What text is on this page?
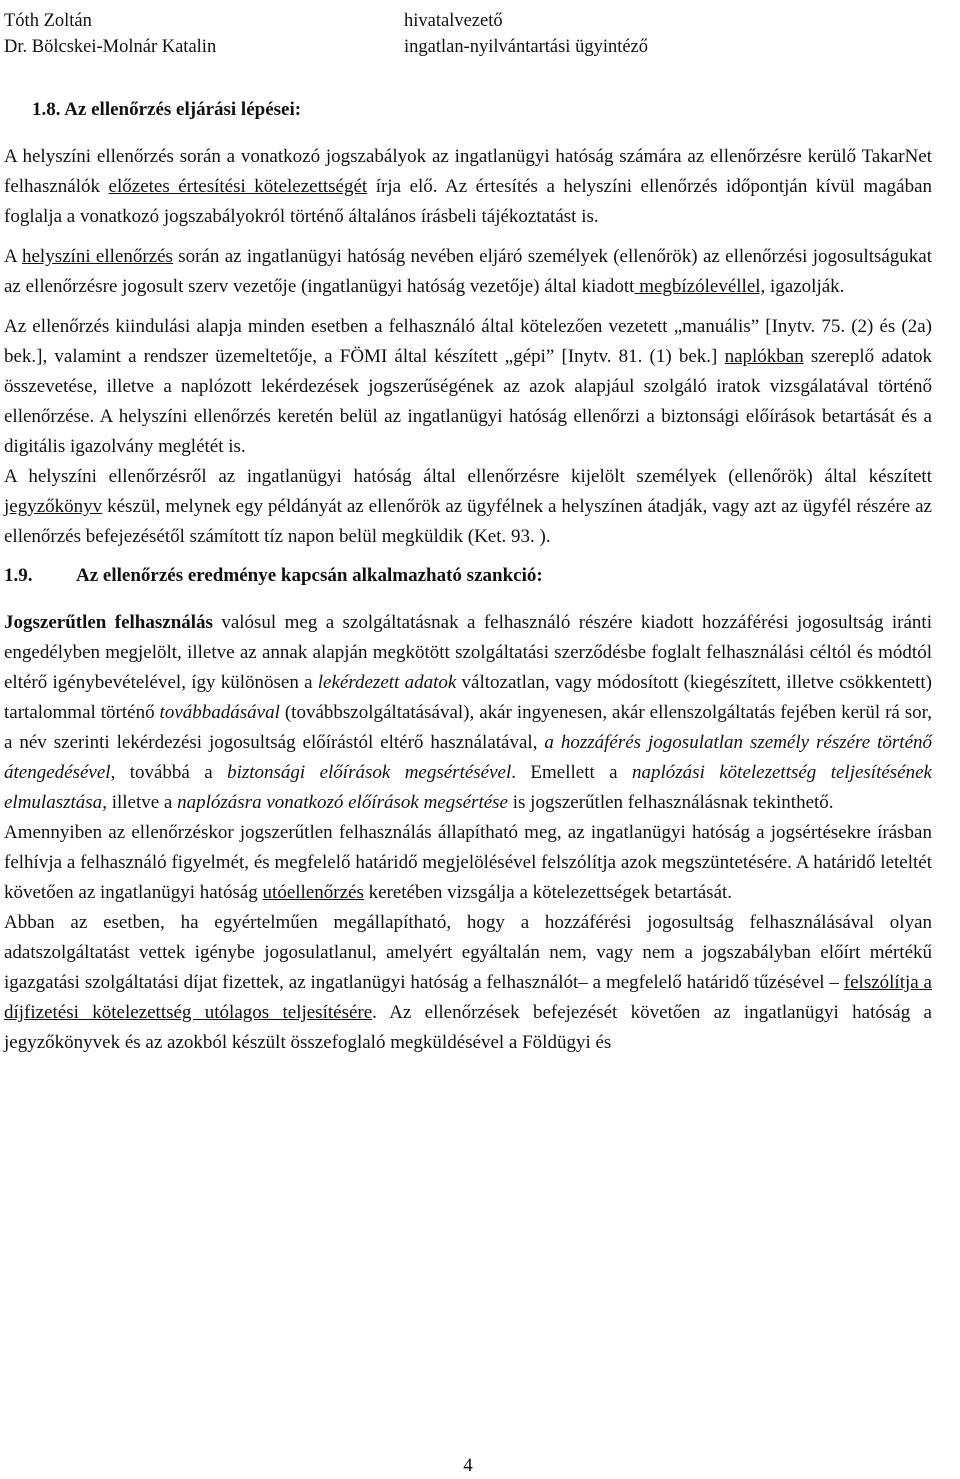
Tóth Zoltán	hivatalvezető
Dr. Bölcskei-Molnár Katalin	ingatlan-nyilvántartási ügyintéző
1.8. Az ellenőrzés eljárási lépései:

A helyszíni ellenőrzés során a vonatkozó jogszabályok az ingatlanügyi hatóság számára az ellenőrzésre kerülő TakarNet felhasználók előzetes értesítési kötelezettségét írja elő. Az értesítés a helyszíni ellenőrzés időpontján kívül magában foglalja a vonatkozó jogszabályokról történő általános írásbeli tájékoztatást is.

A helyszíni ellenőrzés során az ingatlanügyi hatóság nevében eljáró személyek (ellenőrök) az ellenőrzési jogosultságukat az ellenőrzésre jogosult szerv vezetője (ingatlanügyi hatóság vezetője) által kiadott megbízólevéllel, igazolják.

Az ellenőrzés kiindulási alapja minden esetben a felhasználó által kötelezően vezetett „manuális” [Inytv. 75. (2) és (2a) bek.], valamint a rendszer üzemeltetője, a FÖMI által készített „gépi” [Inytv. 81. (1) bek.] naplókban szereplő adatok összevetése, illetve a naplózott lekérdezések jogszerűségének az azok alapjául szolgáló iratok vizsgálatával történő ellenőrzése. A helyszíni ellenőrzés keretén belül az ingatlanügyi hatóság ellenőrzi a biztonsági előírások betartását és a digitális igazolvány meglétét is.

A helyszíni ellenőrzésről az ingatlanügyi hatóság által ellenőrzésre kijelölt személyek (ellenőrök) által készített jegyzőkönyv készül, melynek egy példányát az ellenőrök az ügyfélnek a helyszínen átadják, vagy azt az ügyfél részére az ellenőrzés befejezésétől számított tíz napon belül megküldik (Ket. 93. ).

1.9. Az ellenőrzés eredménye kapcsán alkalmazható szankció:

Jogszerűtlen felhasználás valósul meg a szolgáltatásnak a felhasználó részére kiadott hozzáférési jogosultság iránti engedélyben megjelölt, illetve az annak alapján megkötött szolgáltatási szerződésbe foglalt felhasználási céltól és módtól eltérő igénybevételével, így különösen a lekérdezett adatok változatlan, vagy módosított (kiegészített, illetve csökkentett) tartalommal történő továbbadásával (továbbszolgáltatásával), akár ingyenesen, akár ellenszolgáltatás fejében kerül rá sor, a név szerinti lekérdezési jogosultság előírástól eltérő használatával, a hozzáférés jogosulatlan személy részére történő átengedésével, továbbá a biztonsági előírások megsértésével. Emellett a naplózási kötelezettség teljesítésének elmulasztása, illetve a naplózásra vonatkozó előírások megsértése is jogszerűtlen felhasználásnak tekinthető.

Amennyiben az ellenőrzéskor jogszerűtlen felhasználás állapítható meg, az ingatlanügyi hatóság a jogsértésekre írásban felhívja a felhasználó figyelmét, és megfelelő határidő megjelölésével felszólítja azok megszüntetésére. A határidő leteltét követően az ingatlanügyi hatóság utóellenőrzés keretében vizsgálja a kötelezettségek betartását.

Abban az esetben, ha egyértelműen megállapítható, hogy a hozzáférési jogosultság felhasználásával olyan adatszolgáltatást vettek igénybe jogosulatlanul, amelyért egyáltalán nem, vagy nem a jogszabályban előírt mértékű igazgatási szolgáltatási díjat fizettek, az ingatlanügyi hatóság a felhasználót– a megfelelő határidő tűzésével – felszólítja a díjfizetési kötelezettség utólagos teljesítésére. Az ellenőrzések befejezését követően az ingatlanügyi hatóság a jegyzőkönyvek és az azokból készült összefoglaló megküldésével a Földügyi és

4
